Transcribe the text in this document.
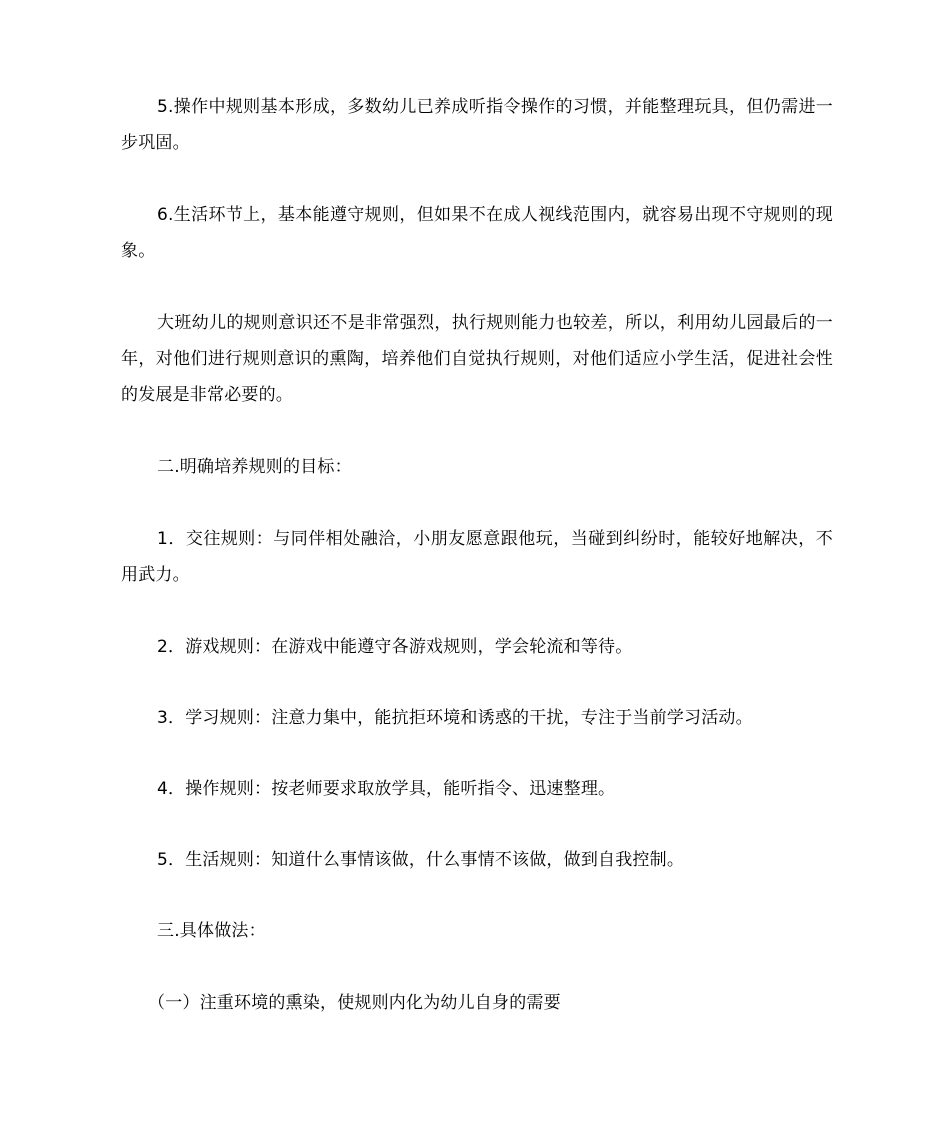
5.操作中规则基本形成，多数幼儿已养成听指令操作的习惯，并能整理玩具，但仍需进一步巩固。

6.生活环节上，基本能遵守规则，但如果不在成人视线范围内，就容易出现不守规则的现象。

大班幼儿的规则意识还不是非常强烈，执行规则能力也较差，所以，利用幼儿园最后的一年，对他们进行规则意识的熏陶，培养他们自觉执行规则，对他们适应小学生活，促进社会性的发展是非常必要的。

二.明确培养规则的目标：

1．交往规则：与同伴相处融洽，小朋友愿意跟他玩，当碰到纠纷时，能较好地解决，不用武力。

2．游戏规则：在游戏中能遵守各游戏规则，学会轮流和等待。

3．学习规则：注意力集中，能抗拒环境和诱惑的干扰，专注于当前学习活动。

4．操作规则：按老师要求取放学具，能听指令、迅速整理。

5．生活规则：知道什么事情该做，什么事情不该做，做到自我控制。

三.具体做法：

（一）注重环境的熏染，使规则内化为幼儿自身的需要
